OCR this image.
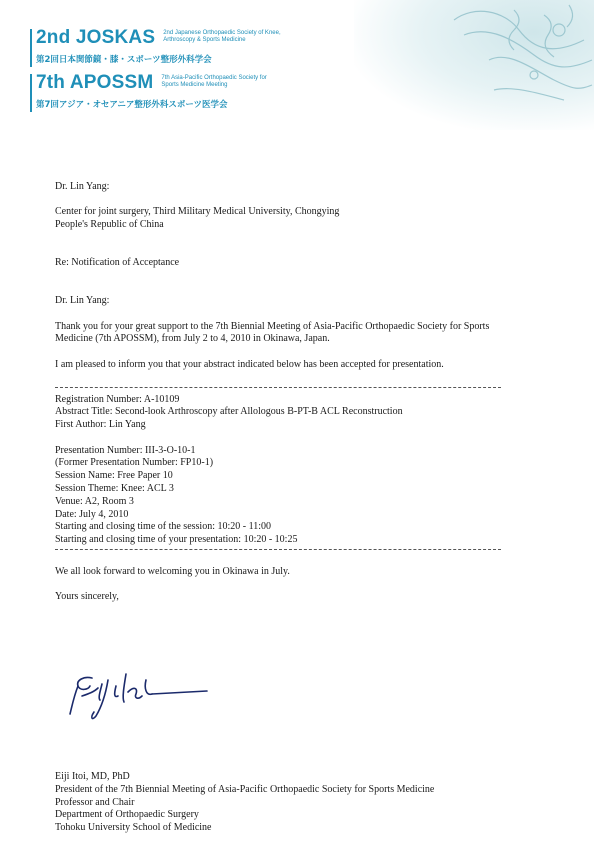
2nd JOSKAS 2nd Japanese Orthopaedic Society of Knee,
Arthroscopy & Sports Medicine
第2回日本関節鏡・膝・スポーツ整形外科学会
7th APOSSM 7th Asia-Pacific Orthopaedic Society for
Sports Medicine Meeting
第7回アジア・オセアニア整形外科スポーツ医学会

Dr. Lin Yang:

Center for joint surgery, Third Military Medical University, Chongying

People's Republic of China

Re: Notification of Acceptance

Dr. Lin Yang:

Thank you for your great support to the 7th Biennial Meeting of Asia-Pacific Orthopaedic Society for Sports

Medicine (7th APOSSM), from July 2 to 4, 2010 in Okinawa, Japan.

I am pleased to inform you that your abstract indicated below has been accepted for presentation.

Registration Number: A-10109

Abstract Title: Second-look Arthroscopy after Allologous B-PT-B ACL Reconstruction

First Author: Lin Yang

Presentation Number: III-3-O-10-1

(Former Presentation Number: FP10-1)

Session Name: Free Paper 10

Session Theme: Knee: ACL 3

Venue: A2, Room 3

Date: July 4, 2010

Starting and closing time of the session: 10:20 - 11:00

Starting and closing time of your presentation: 10:20 - 10:25

We all look forward to welcoming you in Okinawa in July.

Yours sincerely,

Eiji Itoi, MD, PhD

President of the 7th Biennial Meeting of Asia-Pacific Orthopaedic Society for Sports Medicine

Professor and Chair

Department of Orthopaedic Surgery

Tohoku University School of Medicine
